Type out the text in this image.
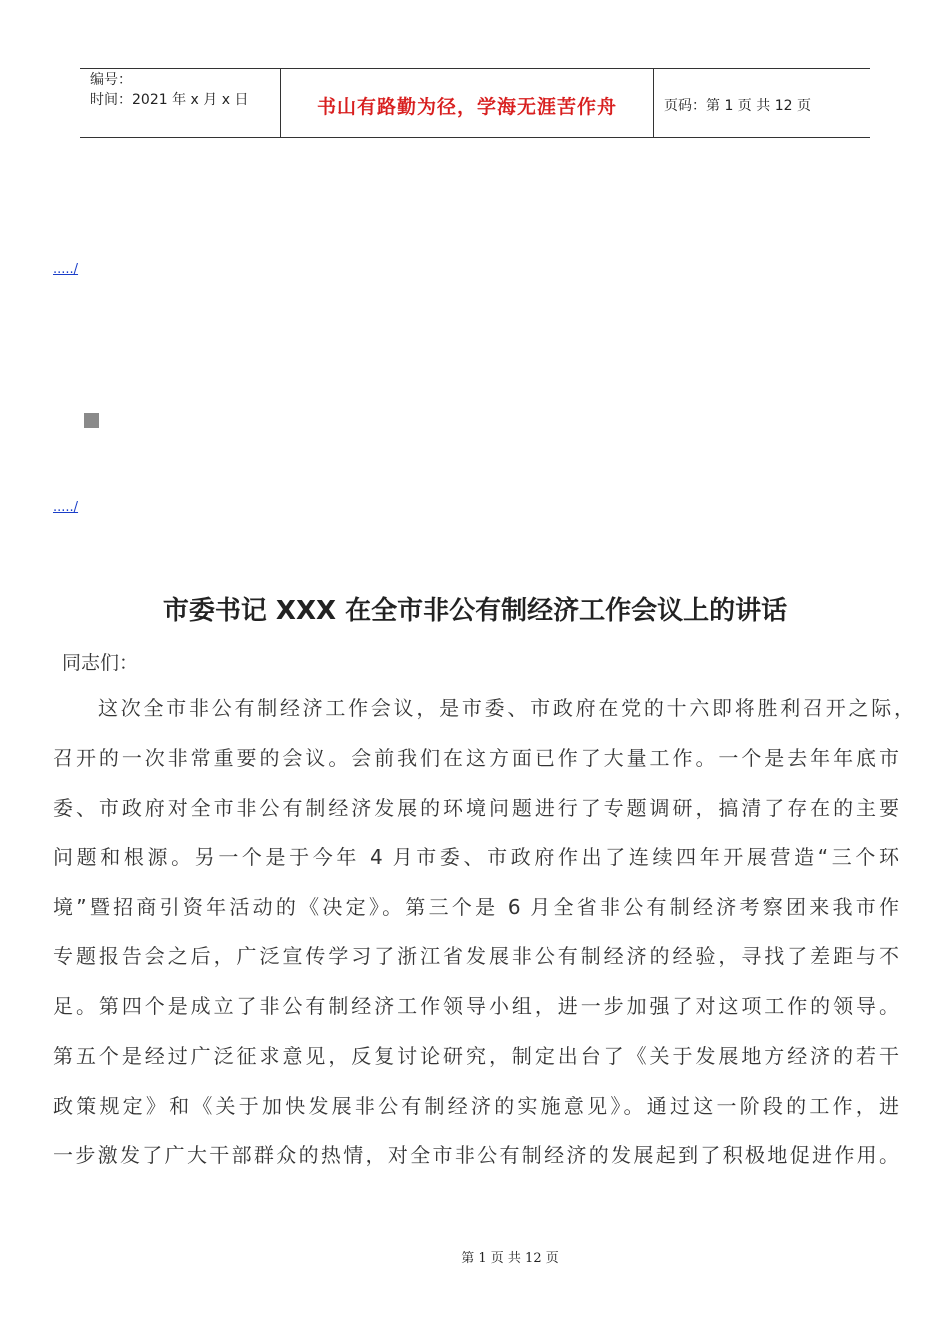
编号：
时间：2021 年 x 月 x 日	书山有路勤为径，学海无涯苦作舟	页码：第 1 页 共 12 页
...../
...../
市委书记 XXX 在全市非公有制经济工作会议上的讲话
同志们：
这次全市非公有制经济工作会议，是市委、市政府在党的十六即将胜利召开之际，
召开的一次非常重要的会议。会前我们在这方面已作了大量工作。一个是去年年底市
委、市政府对全市非公有制经济发展的环境问题进行了专题调研，搞清了存在的主要
问题和根源。另一个是于今年 4 月市委、市政府作出了连续四年开展营造“三个环
境”暨招商引资年活动的《决定》。第三个是 6 月全省非公有制经济考察团来我市作
专题报告会之后，广泛宣传学习了浙江省发展非公有制经济的经验，寻找了差距与不
足。第四个是成立了非公有制经济工作领导小组，进一步加强了对这项工作的领导。
第五个是经过广泛征求意见，反复讨论研究，制定出台了《关于发展地方经济的若干
政策规定》和《关于加快发展非公有制经济的实施意见》。通过这一阶段的工作，进
一步激发了广大干部群众的热情，对全市非公有制经济的发展起到了积极地促进作用。
第 1 页 共 12 页
